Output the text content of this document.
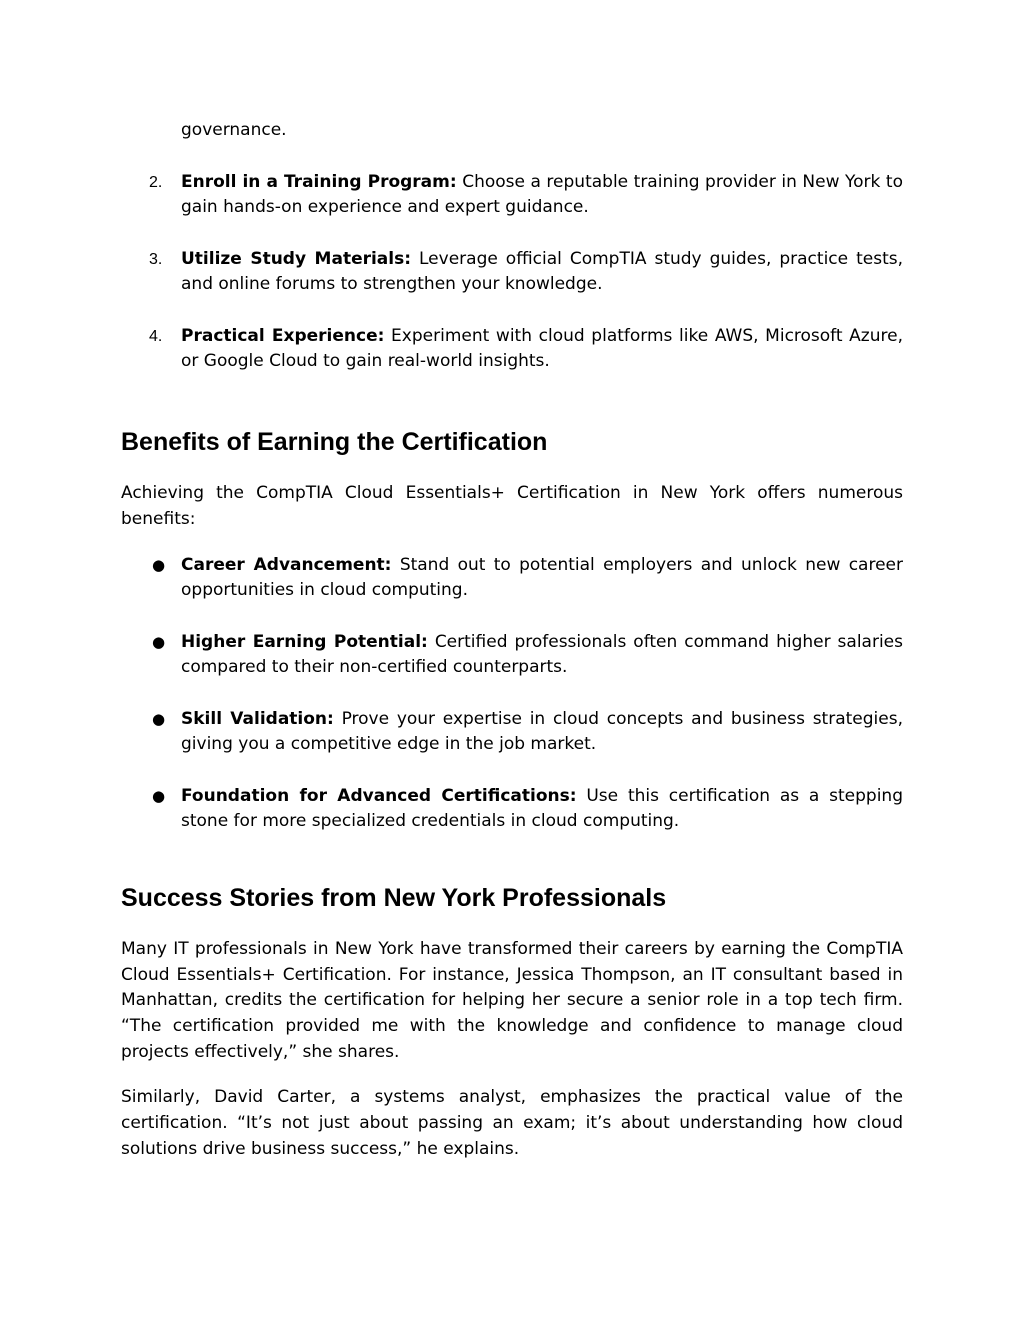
governance.
2. Enroll in a Training Program: Choose a reputable training provider in New York to gain hands-on experience and expert guidance.
3. Utilize Study Materials: Leverage official CompTIA study guides, practice tests, and online forums to strengthen your knowledge.
4. Practical Experience: Experiment with cloud platforms like AWS, Microsoft Azure, or Google Cloud to gain real-world insights.
Benefits of Earning the Certification

Achieving the CompTIA Cloud Essentials+ Certification in New York offers numerous benefits:

● Career Advancement: Stand out to potential employers and unlock new career opportunities in cloud computing.
● Higher Earning Potential: Certified professionals often command higher salaries compared to their non-certified counterparts.
● Skill Validation: Prove your expertise in cloud concepts and business strategies, giving you a competitive edge in the job market.
● Foundation for Advanced Certifications: Use this certification as a stepping stone for more specialized credentials in cloud computing.
Success Stories from New York Professionals

Many IT professionals in New York have transformed their careers by earning the CompTIA Cloud Essentials+ Certification. For instance, Jessica Thompson, an IT consultant based in Manhattan, credits the certification for helping her secure a senior role in a top tech firm. “The certification provided me with the knowledge and confidence to manage cloud projects effectively,” she shares.

Similarly, David Carter, a systems analyst, emphasizes the practical value of the certification. “It’s not just about passing an exam; it’s about understanding how cloud solutions drive business success,” he explains.
